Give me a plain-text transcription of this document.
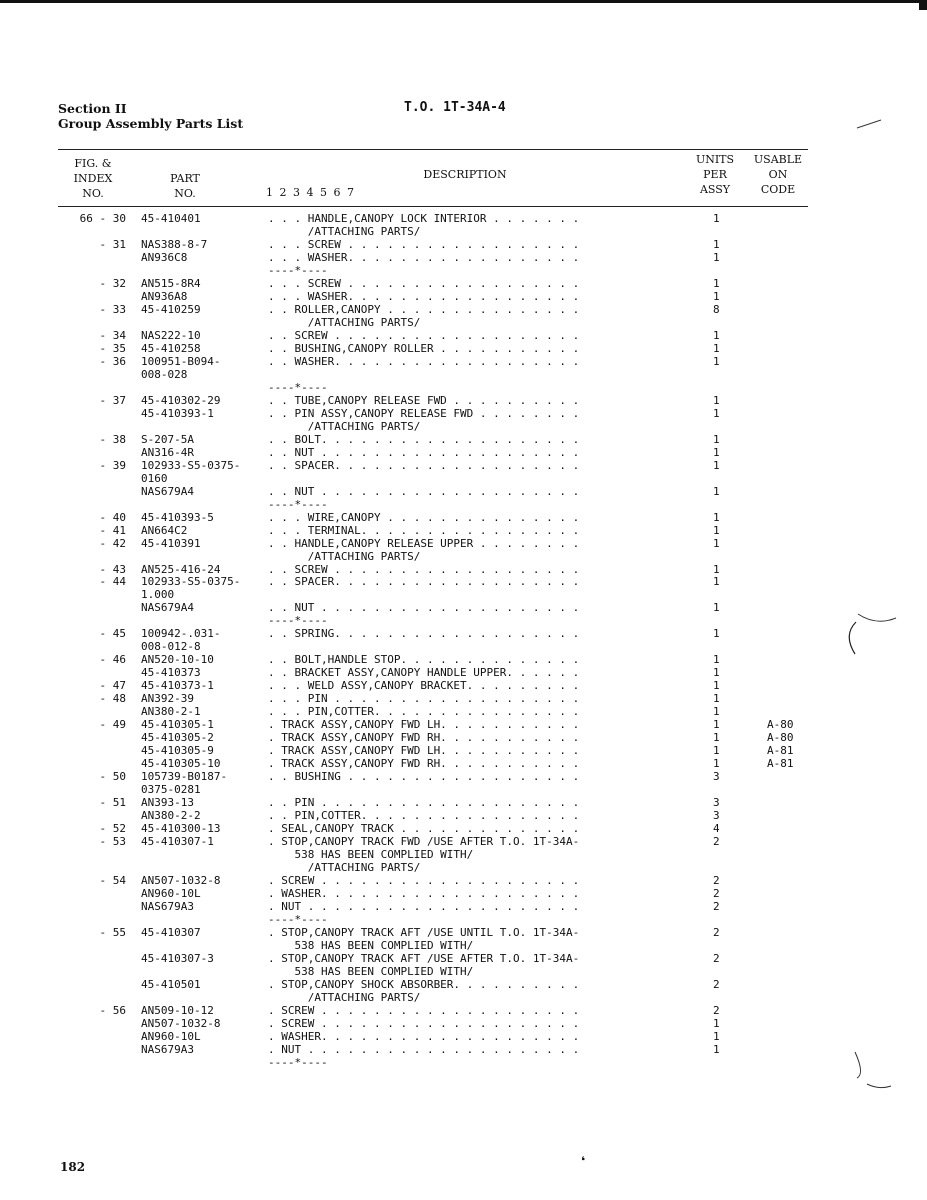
Section II
Group Assembly Parts List
T.O. 1T-34A-4
FIG. &
INDEX
NO.
PART
NO.	1 2 3 4 5 6 7
DESCRIPTION
UNITS
PER
ASSY
USABLE
ON
CODE
66 - 30 45-410401	. . . HANDLE,CANOPY LOCK INTERIOR . . . . . . .	1
/ATTACHING PARTS/
- 31 NAS388-8-7	. . . SCREW . . . . . . . . . . . . . . . . . .	1
AN936C8	. . . WASHER. . . . . . . . . . . . . . . . . .	1
----*----
- 32 AN515-8R4	. . . SCREW . . . . . . . . . . . . . . . . . .	1
AN936A8	. . . WASHER. . . . . . . . . . . . . . . . . .	1
- 33 45-410259	. . ROLLER,CANOPY . . . . . . . . . . . . . . .	8
/ATTACHING PARTS/
- 34 NAS222-10	. . SCREW . . . . . . . . . . . . . . . . . . .	1
- 35 45-410258	. . BUSHING,CANOPY ROLLER . . . . . . . . . . .	1
- 36 100951-B094-	. . WASHER. . . . . . . . . . . . . . . . . . .	1
008-028
----*----
- 37 45-410302-29	. . TUBE,CANOPY RELEASE FWD . . . . . . . . . .	1
45-410393-1	. . PIN ASSY,CANOPY RELEASE FWD . . . . . . . .	1
/ATTACHING PARTS/
- 38 S-207-5A	. . BOLT. . . . . . . . . . . . . . . . . . . .	1
AN316-4R	. . NUT . . . . . . . . . . . . . . . . . . . .	1
- 39 102933-S5-0375-	. . SPACER. . . . . . . . . . . . . . . . . . .	1
0160
NAS679A4	. . NUT . . . . . . . . . . . . . . . . . . . .	1
----*----
- 40 45-410393-5	. . . WIRE,CANOPY . . . . . . . . . . . . . . .	1
- 41 AN664C2	. . . TERMINAL. . . . . . . . . . . . . . . . .	1
- 42 45-410391	. . HANDLE,CANOPY RELEASE UPPER . . . . . . . .	1
/ATTACHING PARTS/
- 43 AN525-416-24	. . SCREW . . . . . . . . . . . . . . . . . . .	1
- 44 102933-S5-0375-	. . SPACER. . . . . . . . . . . . . . . . . . .	1
1.000
NAS679A4	. . NUT . . . . . . . . . . . . . . . . . . . .	1
----*----
- 45 100942-.031-	. . SPRING. . . . . . . . . . . . . . . . . . .	1
008-012-8
- 46 AN520-10-10	. . BOLT,HANDLE STOP. . . . . . . . . . . . . .	1
45-410373	. . BRACKET ASSY,CANOPY HANDLE UPPER. . . . . .	1
- 47 45-410373-1	. . . WELD ASSY,CANOPY BRACKET. . . . . . . . .	1
- 48 AN392-39	. . . PIN . . . . . . . . . . . . . . . . . . .	1
AN380-2-1	. . . PIN,COTTER. . . . . . . . . . . . . . . .	1
- 49 45-410305-1	. TRACK ASSY,CANOPY FWD LH. . . . . . . . . . .	1	A-80
45-410305-2	. TRACK ASSY,CANOPY FWD RH. . . . . . . . . . .	1	A-80
45-410305-9	. TRACK ASSY,CANOPY FWD LH. . . . . . . . . . .	1	A-81
45-410305-10	. TRACK ASSY,CANOPY FWD RH. . . . . . . . . . .	1	A-81
- 50 105739-B0187-	. . BUSHING . . . . . . . . . . . . . . . . . .	3
0375-0281
- 51 AN393-13	. . PIN . . . . . . . . . . . . . . . . . . . .	3
AN380-2-2	. . PIN,COTTER. . . . . . . . . . . . . . . . .	3
- 52 45-410300-13	. SEAL,CANOPY TRACK . . . . . . . . . . . . . .	4
- 53 45-410307-1	. STOP,CANOPY TRACK FWD /USE AFTER T.O. 1T-34A-	2
538 HAS BEEN COMPLIED WITH/
/ATTACHING PARTS/
- 54 AN507-1032-8	. SCREW . . . . . . . . . . . . . . . . . . . .	2
AN960-10L	. WASHER. . . . . . . . . . . . . . . . . . . .	2
NAS679A3	. NUT . . . . . . . . . . . . . . . . . . . . .	2
----*----
- 55 45-410307	. STOP,CANOPY TRACK AFT /USE UNTIL T.O. 1T-34A-	2
538 HAS BEEN COMPLIED WITH/
45-410307-3	. STOP,CANOPY TRACK AFT /USE AFTER T.O. 1T-34A-	2
538 HAS BEEN COMPLIED WITH/
45-410501	. STOP,CANOPY SHOCK ABSORBER. . . . . . . . . .	2
/ATTACHING PARTS/
- 56 AN509-10-12	. SCREW . . . . . . . . . . . . . . . . . . . .	2
AN507-1032-8	. SCREW . . . . . . . . . . . . . . . . . . . .	1
AN960-10L	. WASHER. . . . . . . . . . . . . . . . . . . .	1
NAS679A3	. NUT . . . . . . . . . . . . . . . . . . . . .	1
----*----
182	❛
